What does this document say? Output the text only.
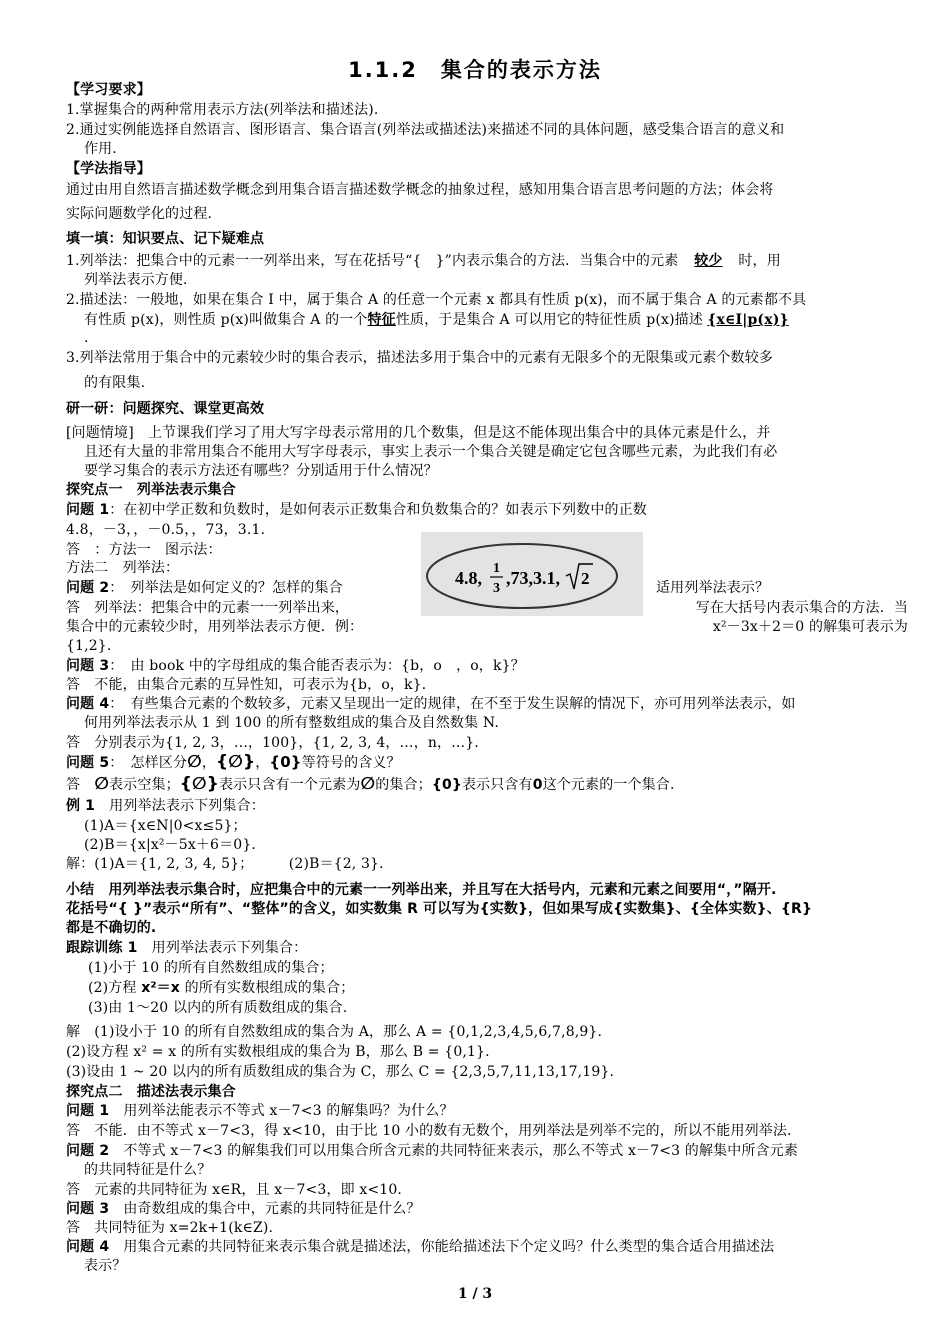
1.1.2　集合的表示方法
【学习要求】
1.掌握集合的两种常用表示方法(列举法和描述法).
2.通过实例能选择自然语言、图形语言、集合语言(列举法或描述法)来描述不同的具体问题，感受集合语言的意义和
作用.
【学法指导】
通过由用自然语言描述数学概念到用集合语言描述数学概念的抽象过程，感知用集合语言思考问题的方法；体会将
实际问题数学化的过程.
填一填：知识要点、记下疑难点
1.列举法：把集合中的元素一一列举出来，写在花括号“{　}”内表示集合的方法．当集合中的元素 较少 时，用
列举法表示方便．
2.描述法：一般地，如果在集合 I 中，属于集合 A 的任意一个元素 x 都具有性质 p(x)，而不属于集合 A 的元素都不具
有性质 p(x)，则性质 p(x)叫做集合 A 的一个特征性质，于是集合 A 可以用它的特征性质 p(x)描述 {x∈I|p(x)}
.
3.列举法常用于集合中的元素较少时的集合表示，描述法多用于集合中的元素有无限多个的无限集或元素个数较多
的有限集.
研一研：问题探究、课堂更高效
[问题情境]　上节课我们学习了用大写字母表示常用的几个数集，但是这不能体现出集合中的具体元素是什么，并
且还有大量的非常用集合不能用大写字母表示，事实上表示一个集合关键是确定它包含哪些元素，为此我们有必
要学习集合的表示方法还有哪些？分别适用于什么情况？
探究点一　列举法表示集合
问题 1：在初中学正数和负数时，是如何表示正数集合和负数集合的？如表示下列数中的正数
4.8，－3，，－0.5，，73，3.1.
答　：方法一　图示法：
方法二　列举法：	4.8, 1
3
,73,3.1, 2
问题 2：　列举法是如何定义的？怎样的集合	适用列举法表示？
答　列举法：把集合中的元素一一列举出来，	写在大括号内表示集合的方法．当
集合中的元素较少时，用列举法表示方便．例：	x²－3x＋2＝0 的解集可表示为
{1,2}.
问题 3：　由 book 中的字母组成的集合能否表示为：{b，o　，o，k}？
答　不能，由集合元素的互异性知，可表示为{b，o，k}．
问题 4：　有些集合元素的个数较多，元素又呈现出一定的规律，在不至于发生误解的情况下，亦可用列举法表示，如
何用列举法表示从 1 到 100 的所有整数组成的集合及自然数集 N.
答　分别表示为{1, 2, 3，…，100}，{1, 2, 3, 4，…，n，…}．
问题 5：　怎样区分∅，{∅}，{0}等符号的含义？
答　∅表示空集；{∅}表示只含有一个元素为∅的集合；{0}表示只含有0这个元素的一个集合.
例 1　用列举法表示下列集合：
(1)A＝{x∈N|0<x≤5}；
(2)B＝{x|x²－5x＋6＝0}．
解：(1)A＝{1, 2, 3, 4, 5}；　　　(2)B＝{2, 3}．
小结　用列举法表示集合时，应把集合中的元素一一列举出来，并且写在大括号内，元素和元素之间要用“，”隔开.
花括号“{ }”表示“所有”、“整体”的含义，如实数集 R 可以写为{实数}，但如果写成{实数集}、{全体实数}、{R}
都是不确切的.
跟踪训练 1　用列举法表示下列集合：
(1)小于 10 的所有自然数组成的集合；
(2)方程 x²＝x 的所有实数根组成的集合；
(3)由 1～20 以内的所有质数组成的集合.
解　(1)设小于 10 的所有自然数组成的集合为 A，那么 A = {0,1,2,3,4,5,6,7,8,9}.
(2)设方程 x² = x 的所有实数根组成的集合为 B，那么 B = {0,1}.
(3)设由 1 ~ 20 以内的所有质数组成的集合为 C，那么 C = {2,3,5,7,11,13,17,19}.
探究点二　描述法表示集合
问题 1　用列举法能表示不等式 x－7<3 的解集吗？为什么？
答　不能．由不等式 x－7<3，得 x<10，由于比 10 小的数有无数个，用列举法是列举不完的，所以不能用列举法.
问题 2　不等式 x－7<3 的解集我们可以用集合所含元素的共同特征来表示，那么不等式 x－7<3 的解集中所含元素
的共同特征是什么？
答　元素的共同特征为 x∈R，且 x－7<3，即 x<10.
问题 3　由奇数组成的集合中，元素的共同特征是什么？
答　共同特征为 x=2k+1(k∈Z).
问题 4　用集合元素的共同特征来表示集合就是描述法，你能给描述法下个定义吗？什么类型的集合适合用描述法
表示？
1 / 3
